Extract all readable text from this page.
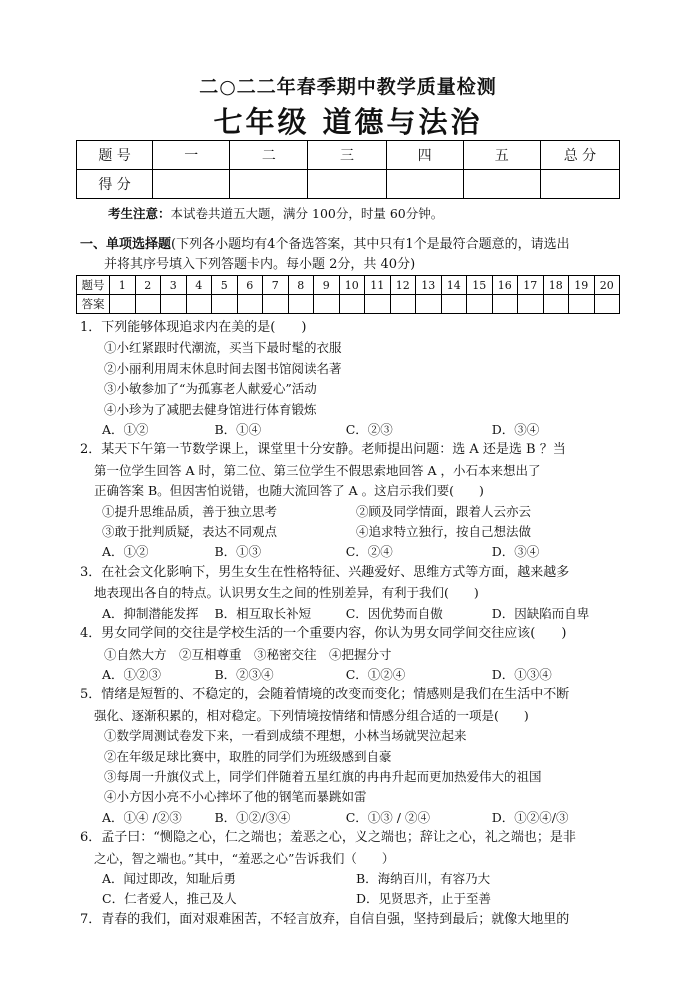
二○二二年春季期中教学质量检测
七年级 道德与法治
题 号	一	二	三	四	五	总 分
得 分						
考生注意：本试卷共道五大题，满分 100分，时量 60分钟。
一、单项选择题(下列各小题均有4个备选答案，其中只有1个是最符合题意的，请选出
并将其序号填入下列答题卡内。每小题 2分，共 40分)
题号	1	2	3	4	5	6	7	8	9	10	11	12	13	14	15	16	17	18	19	20
答案																				
1．下列能够体现追求内在美的是(　　)
①小红紧跟时代潮流，买当下最时髦的衣服
②小丽利用周末休息时间去图书馆阅读名著
③小敏参加了“为孤寡老人献爱心”活动
④小珍为了减肥去健身馆进行体育锻炼
A．①②	B．①④	C．②③	D．③④
2．某天下午第一节数学课上，课堂里十分安静。老师提出问题：选 A 还是选 B ？当
第一位学生回答 A 时，第二位、第三位学生不假思索地回答 A ，小石本来想出了
正确答案 B。但因害怕说错，也随大流回答了 A 。这启示我们要(　　)
①提升思维品质，善于独立思考	②顾及同学情面，跟着人云亦云
③敢于批判质疑，表达不同观点	④追求特立独行，按自己想法做
A．①②	B．①③	C．②④	D．③④
3．在社会文化影响下，男生女生在性格特征、兴趣爱好、思维方式等方面，越来越多
地表现出各自的特点。认识男女生之间的性别差异，有利于我们(　　)
A．抑制潜能发挥	B．相互取长补短	C．因优势而自傲	D．因缺陷而自卑
4．男女同学间的交往是学校生活的一个重要内容，你认为男女同学间交往应该(　　)
①自然大方　②互相尊重　③秘密交往　④把握分寸
A．①②③	B．②③④	C．①②④	D．①③④
5．情绪是短暂的、不稳定的，会随着情境的改变而变化；情感则是我们在生活中不断
强化、逐渐积累的，相对稳定。下列情境按情绪和情感分组合适的一项是(　　)
①数学周测试卷发下来，一看到成绩不理想，小林当场就哭泣起来
②在年级足球比赛中，取胜的同学们为班级感到自豪
③每周一升旗仪式上，同学们伴随着五星红旗的冉冉升起而更加热爱伟大的祖国
④小方因小亮不小心摔坏了他的钢笔而暴跳如雷
A．①④ /②③	B．①②/③④	C．①③ / ②④	D．①②④/③
6．孟子曰：“恻隐之心，仁之端也；羞恶之心，义之端也；辞让之心，礼之端也；是非
之心，智之端也。”其中，“羞恶之心”告诉我们（　　）
A．闻过即改，知耻后勇	B．海纳百川，有容乃大
C．仁者爱人，推己及人	D．见贤思齐，止于至善
7．青春的我们，面对艰难困苦，不轻言放弃，自信自强，坚持到最后；就像大地里的
